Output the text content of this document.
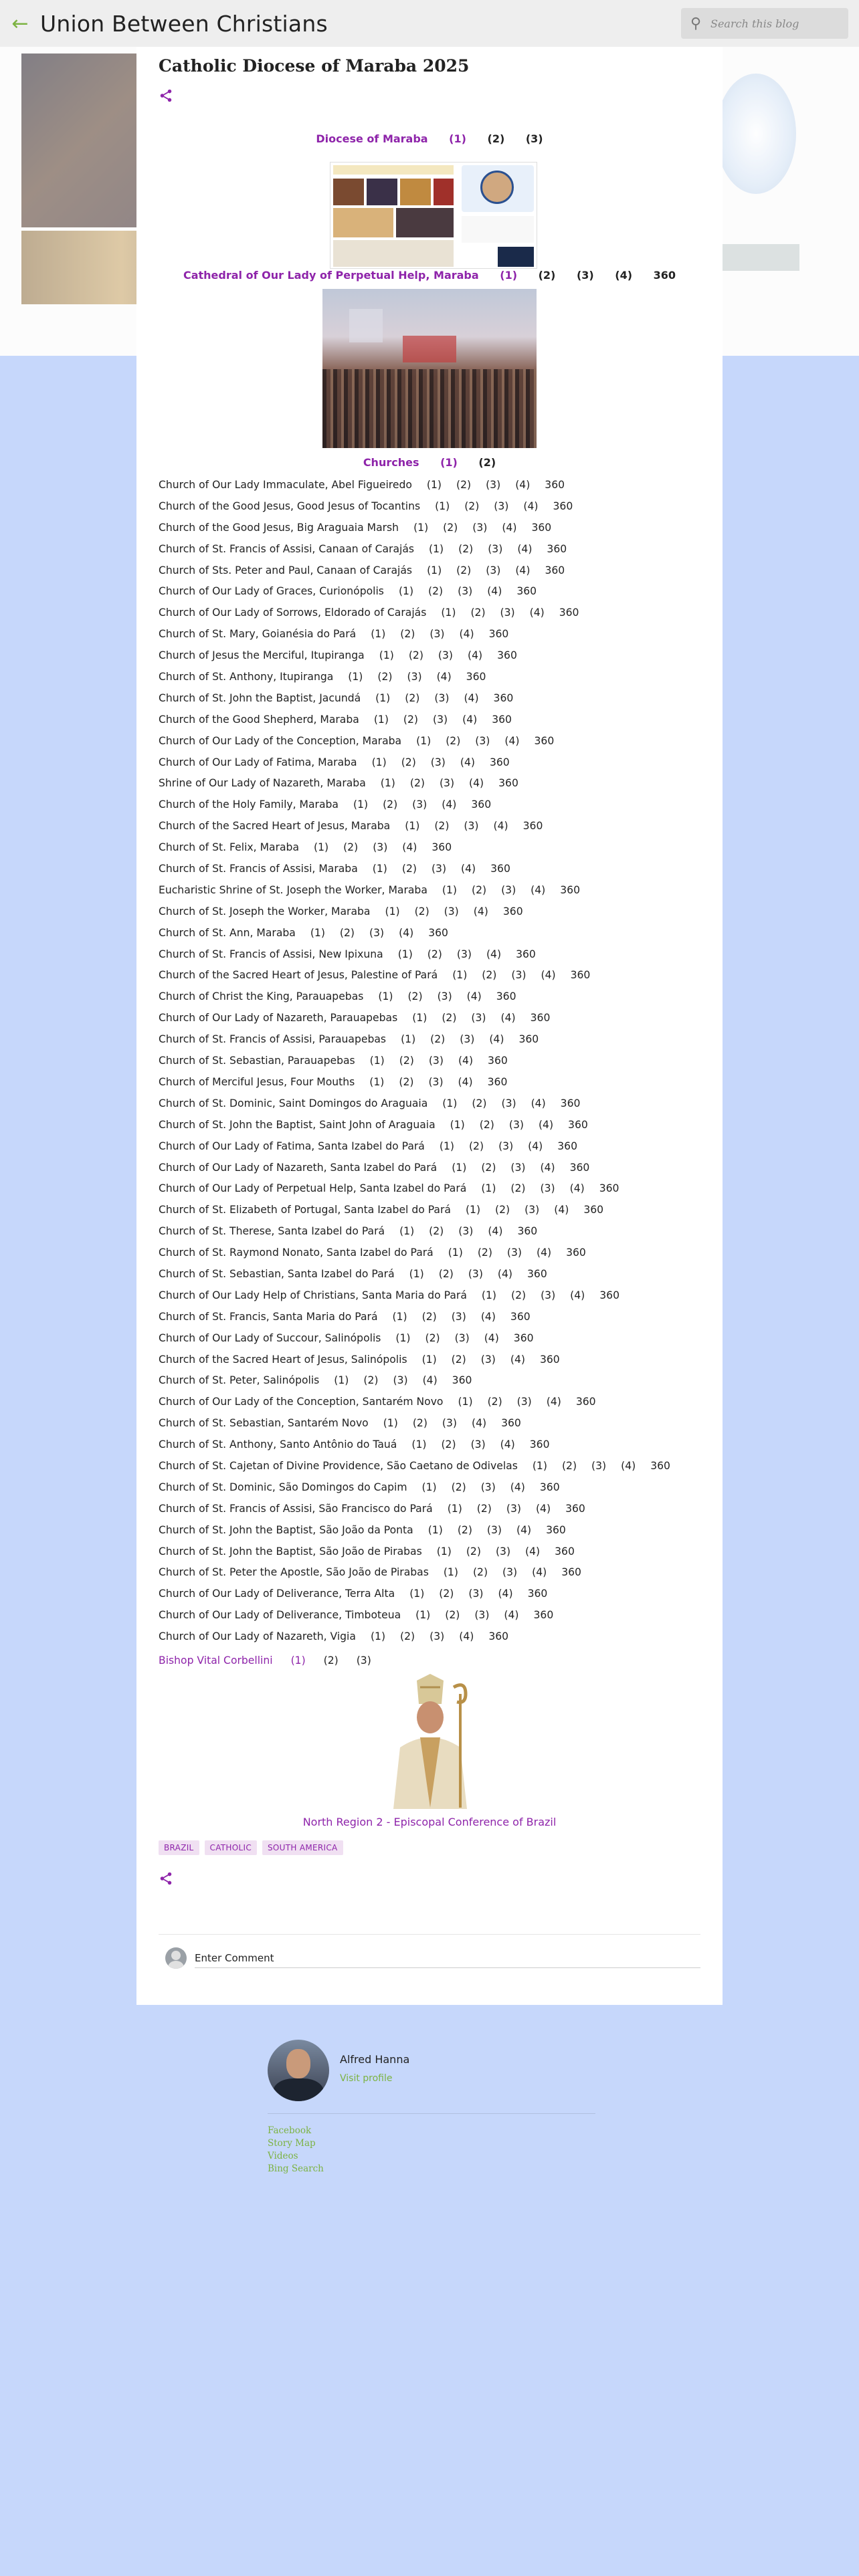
← Union Between Christians	⚲ Search this blog
Catholic Diocese of Maraba 2025
Diocese of Maraba (1) (2) (3)
Cathedral of Our Lady of Perpetual Help, Maraba (1) (2) (3) (4) 360
Churches (1) (2)
Church of Our Lady Immaculate, Abel Figueiredo (1) (2) (3) (4) 360
Church of the Good Jesus, Good Jesus of Tocantins (1) (2) (3) (4) 360
Church of the Good Jesus, Big Araguaia Marsh (1) (2) (3) (4) 360
Church of St. Francis of Assisi, Canaan of Carajás (1) (2) (3) (4) 360
Church of Sts. Peter and Paul, Canaan of Carajás (1) (2) (3) (4) 360
Church of Our Lady of Graces, Curionópolis (1) (2) (3) (4) 360
Church of Our Lady of Sorrows, Eldorado of Carajás (1) (2) (3) (4) 360
Church of St. Mary, Goianésia do Pará (1) (2) (3) (4) 360
Church of Jesus the Merciful, Itupiranga (1) (2) (3) (4) 360
Church of St. Anthony, Itupiranga (1) (2) (3) (4) 360
Church of St. John the Baptist, Jacundá (1) (2) (3) (4) 360
Church of the Good Shepherd, Maraba (1) (2) (3) (4) 360
Church of Our Lady of the Conception, Maraba (1) (2) (3) (4) 360
Church of Our Lady of Fatima, Maraba (1) (2) (3) (4) 360
Shrine of Our Lady of Nazareth, Maraba (1) (2) (3) (4) 360
Church of the Holy Family, Maraba (1) (2) (3) (4) 360
Church of the Sacred Heart of Jesus, Maraba (1) (2) (3) (4) 360
Church of St. Felix, Maraba (1) (2) (3) (4) 360
Church of St. Francis of Assisi, Maraba (1) (2) (3) (4) 360
Eucharistic Shrine of St. Joseph the Worker, Maraba (1) (2) (3) (4) 360
Church of St. Joseph the Worker, Maraba (1) (2) (3) (4) 360
Church of St. Ann, Maraba (1) (2) (3) (4) 360
Church of St. Francis of Assisi, New Ipixuna (1) (2) (3) (4) 360
Church of the Sacred Heart of Jesus, Palestine of Pará (1) (2) (3) (4) 360
Church of Christ the King, Parauapebas (1) (2) (3) (4) 360
Church of Our Lady of Nazareth, Parauapebas (1) (2) (3) (4) 360
Church of St. Francis of Assisi, Parauapebas (1) (2) (3) (4) 360
Church of St. Sebastian, Parauapebas (1) (2) (3) (4) 360
Church of Merciful Jesus, Four Mouths (1) (2) (3) (4) 360
Church of St. Dominic, Saint Domingos do Araguaia (1) (2) (3) (4) 360
Church of St. John the Baptist, Saint John of Araguaia (1) (2) (3) (4) 360
Church of Our Lady of Fatima, Santa Izabel do Pará (1) (2) (3) (4) 360
Church of Our Lady of Nazareth, Santa Izabel do Pará (1) (2) (3) (4) 360
Church of Our Lady of Perpetual Help, Santa Izabel do Pará (1) (2) (3) (4) 360
Church of St. Elizabeth of Portugal, Santa Izabel do Pará (1) (2) (3) (4) 360
Church of St. Therese, Santa Izabel do Pará (1) (2) (3) (4) 360
Church of St. Raymond Nonato, Santa Izabel do Pará (1) (2) (3) (4) 360
Church of St. Sebastian, Santa Izabel do Pará (1) (2) (3) (4) 360
Church of Our Lady Help of Christians, Santa Maria do Pará (1) (2) (3) (4) 360
Church of St. Francis, Santa Maria do Pará (1) (2) (3) (4) 360
Church of Our Lady of Succour, Salinópolis (1) (2) (3) (4) 360
Church of the Sacred Heart of Jesus, Salinópolis (1) (2) (3) (4) 360
Church of St. Peter, Salinópolis (1) (2) (3) (4) 360
Church of Our Lady of the Conception, Santarém Novo (1) (2) (3) (4) 360
Church of St. Sebastian, Santarém Novo (1) (2) (3) (4) 360
Church of St. Anthony, Santo Antônio do Tauá (1) (2) (3) (4) 360
Church of St. Cajetan of Divine Providence, São Caetano de Odivelas (1) (2) (3) (4) 360
Church of St. Dominic, São Domingos do Capim (1) (2) (3) (4) 360
Church of St. Francis of Assisi, São Francisco do Pará (1) (2) (3) (4) 360
Church of St. John the Baptist, São João da Ponta (1) (2) (3) (4) 360
Church of St. John the Baptist, São João de Pirabas (1) (2) (3) (4) 360
Church of St. Peter the Apostle, São João de Pirabas (1) (2) (3) (4) 360
Church of Our Lady of Deliverance, Terra Alta (1) (2) (3) (4) 360
Church of Our Lady of Deliverance, Timboteua (1) (2) (3) (4) 360
Church of Our Lady of Nazareth, Vigia (1) (2) (3) (4) 360
Bishop Vital Corbellini (1) (2) (3)
North Region 2 - Episcopal Conference of Brazil
BRAZIL	CATHOLIC	SOUTH AMERICA
Enter Comment
Alfred Hanna
Visit profile
Facebook
Story Map
Videos
Bing Search
